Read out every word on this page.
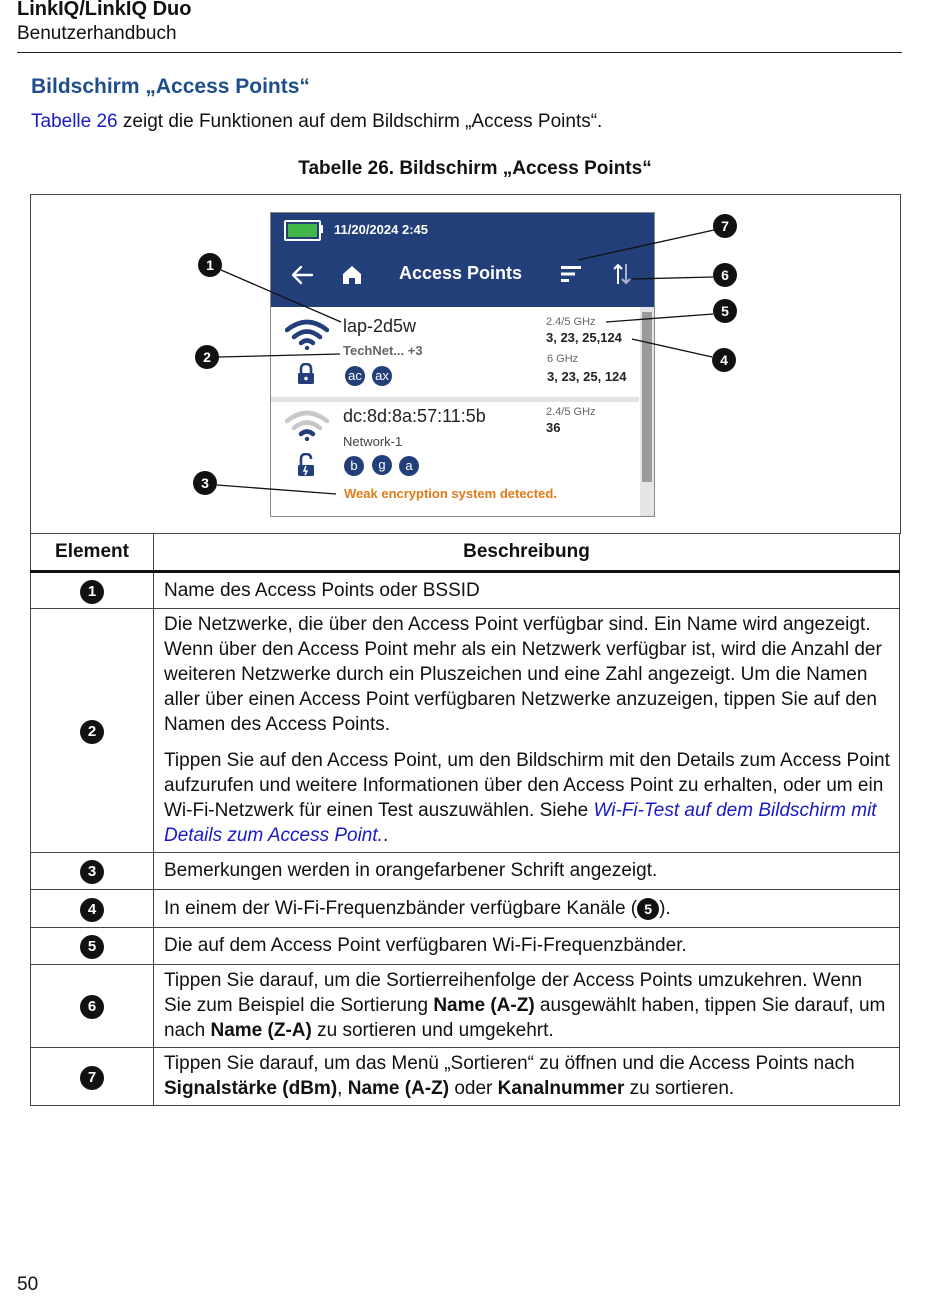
LinkIQ/LinkIQ Duo
Benutzerhandbuch
Bildschirm „Access Points“
Tabelle 26 zeigt die Funktionen auf dem Bildschirm „Access Points“.
Tabelle 26. Bildschirm „Access Points“
11/20/2024 2:45
Access Points
lap-2d5w
TechNet... +3
ac ax
2.4/5 GHz
3, 23, 25,124
6 GHz
3, 23, 25, 124
dc:8d:8a:57:11:5b
Network-1
b	g	a
2.4/5 GHz
36
Weak encryption system detected.
1
2
3
4
5
6
7
Element	Beschreibung
1	Name des Access Points oder BSSID
2	Die Netzwerke, die über den Access Point verfügbar sind. Ein Name wird angezeigt. Wenn über den Access Point mehr als ein Netzwerk verfügbar ist, wird die Anzahl der weiteren Netzwerke durch ein Pluszeichen und eine Zahl angezeigt. Um die Namen aller über einen Access Point verfügbaren Netzwerke anzuzeigen, tippen Sie auf den Namen des Access Points.

Tippen Sie auf den Access Point, um den Bildschirm mit den Details zum Access Point aufzurufen und weitere Informationen über den Access Point zu erhalten, oder um ein Wi-Fi-Netzwerk für einen Test auszuwählen. Siehe Wi-Fi-Test auf dem Bildschirm mit Details zum Access Point..

3	Bemerkungen werden in orangefarbener Schrift angezeigt.
4	In einem der Wi-Fi-Frequenzbänder verfügbare Kanäle ( 5 ).
5	Die auf dem Access Point verfügbaren Wi-Fi-Frequenzbänder.
6	Tippen Sie darauf, um die Sortierreihenfolge der Access Points umzukehren. Wenn Sie zum Beispiel die Sortierung Name (A-Z) ausgewählt haben, tippen Sie darauf, um nach Name (Z-A) zu sortieren und umgekehrt.
7	Tippen Sie darauf, um das Menü „Sortieren“ zu öffnen und die Access Points nach Signalstärke (dBm), Name (A-Z) oder Kanalnummer zu sortieren.
50
